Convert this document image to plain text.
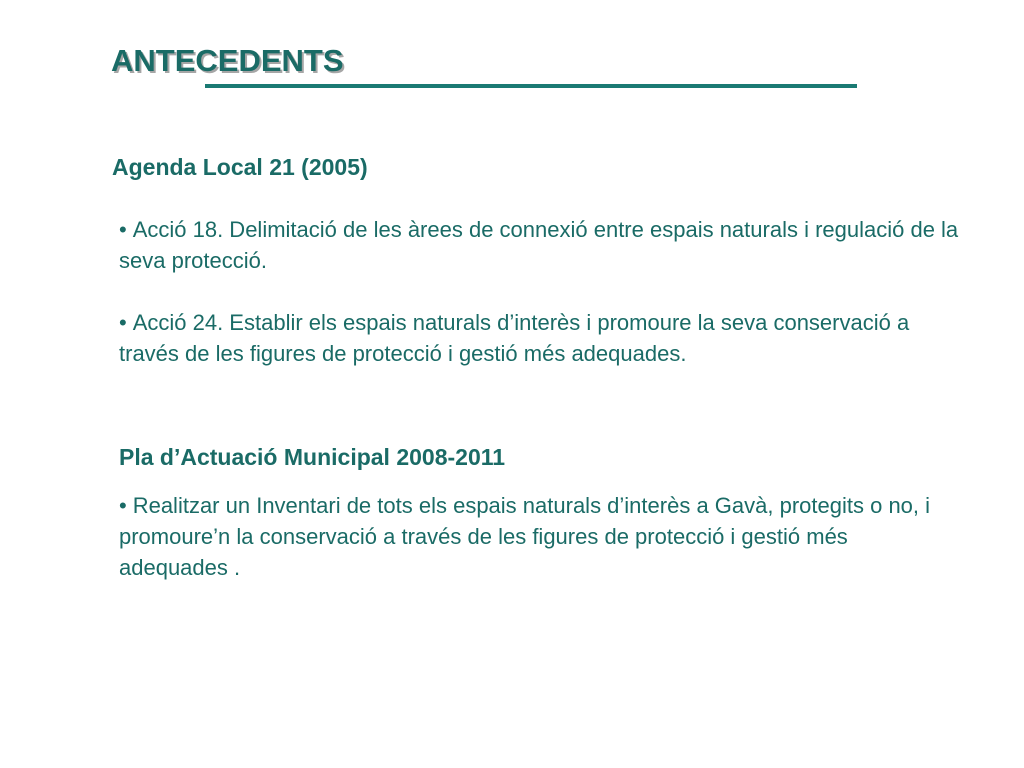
ANTECEDENTS
Agenda Local 21 (2005)

• Acció 18. Delimitació de les àrees de connexió entre espais naturals i regulació de la seva protecció.

• Acció 24. Establir els espais naturals d’interès i promoure la seva conservació a través de les figures de protecció i gestió més adequades.

Pla d’Actuació Municipal 2008-2011

• Realitzar un Inventari de tots els espais naturals d’interès a Gavà, protegits o no, i promoure’n la conservació a través de les figures de protecció i gestió més adequades .
